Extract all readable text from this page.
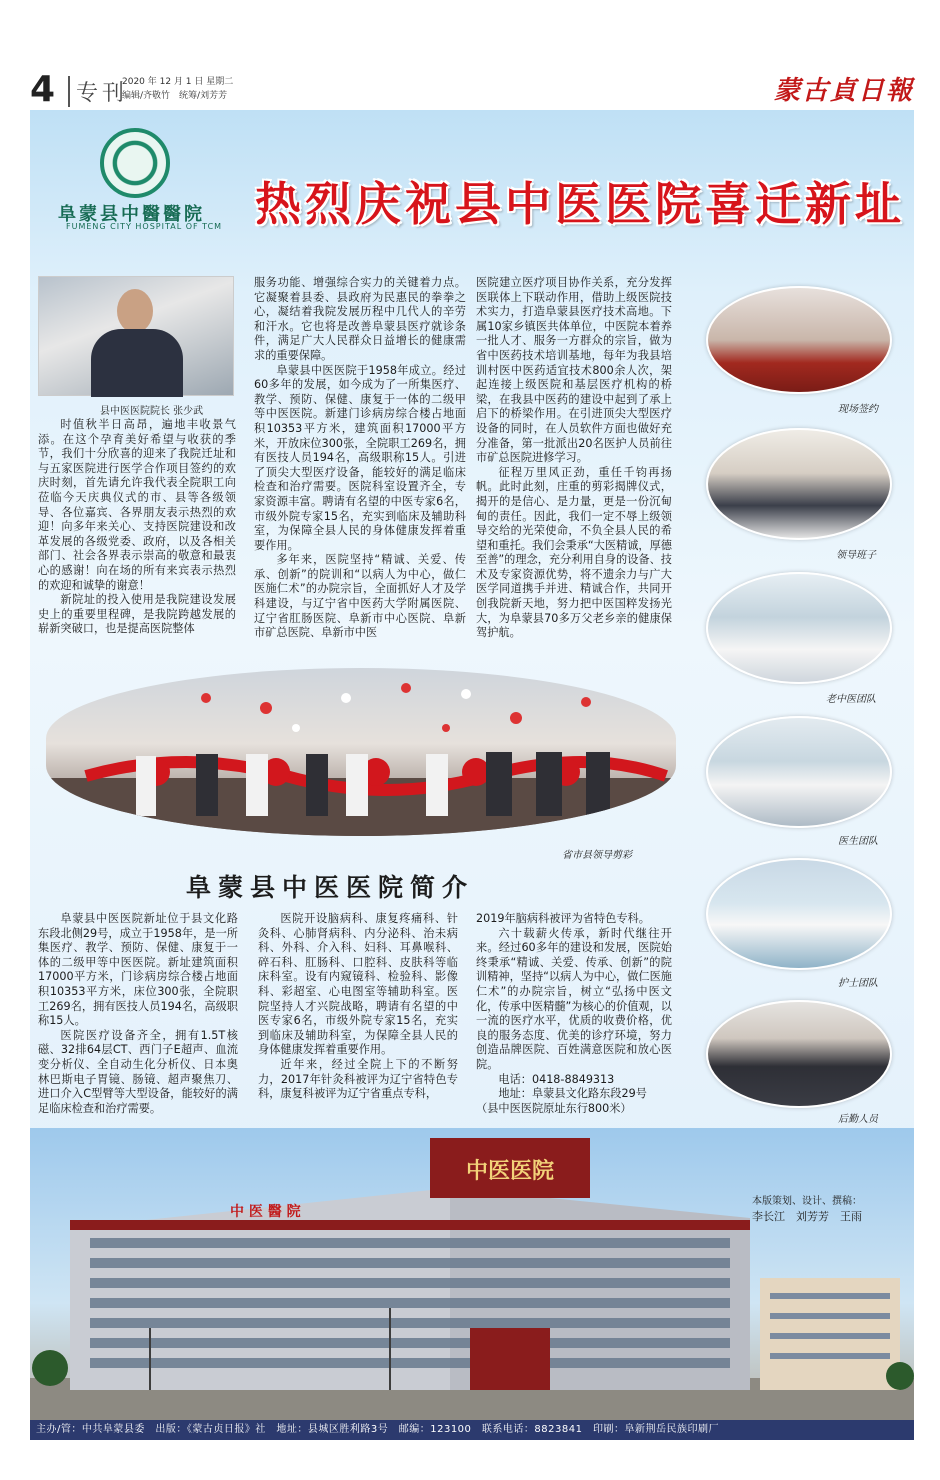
4 专刊
2020 年 12 月 1 日 星期二
编辑/齐敬竹　统筹/刘芳芳	蒙古貞日報
阜蒙县中醫醫院
FUMENG CITY HOSPITAL OF TCM 热烈庆祝县中医医院喜迁新址
县中医医院院长 张少武

时值秋半日高昂，遍地丰收景气添。在这个孕育美好希望与收获的季节，我们十分欣喜的迎来了我院迁址和与五家医院进行医学合作项目签约的欢庆时刻，首先请允许我代表全院职工向莅临今天庆典仪式的市、县等各级领导、各位嘉宾、各界朋友表示热烈的欢迎！向多年来关心、支持医院建设和改革发展的各级党委、政府，以及各相关部门、社会各界表示崇高的敬意和最衷心的感谢！向在场的所有来宾表示热烈的欢迎和诚挚的谢意！

新院址的投入使用是我院建设发展史上的重要里程碑，是我院跨越发展的崭新突破口，也是提高医院整体

服务功能、增强综合实力的关键着力点。它凝聚着县委、县政府为民惠民的拳拳之心，凝结着我院发展历程中几代人的辛劳和汗水。它也将是改善阜蒙县医疗就诊条件，满足广大人民群众日益增长的健康需求的重要保障。

阜蒙县中医医院于1958年成立。经过60多年的发展，如今成为了一所集医疗、教学、预防、保健、康复于一体的二级甲等中医医院。新建门诊病房综合楼占地面积10353平方米，建筑面积17000平方米，开放床位300张，全院职工269名，拥有医技人员194名，高级职称15人。引进了顶尖大型医疗设备，能较好的满足临床检查和治疗需要。医院科室设置齐全，专家资源丰富。聘请有名望的中医专家6名，市级外院专家15名，充实到临床及辅助科室，为保障全县人民的身体健康发挥着重要作用。

多年来，医院坚持“精诚、关爱、传承、创新”的院训和“以病人为中心，做仁医施仁术”的办院宗旨，全面抓好人才及学科建设，与辽宁省中医药大学附属医院、辽宁省肛肠医院、阜新市中心医院、阜新市矿总医院、阜新市中医

医院建立医疗项目协作关系，充分发挥医联体上下联动作用，借助上级医院技术实力，打造阜蒙县医疗技术高地。下属10家乡镇医共体单位，中医院本着养一批人才、服务一方群众的宗旨，做为省中医药技术培训基地，每年为我县培训村医中医药适宜技术800余人次，架起连接上级医院和基层医疗机构的桥梁，在我县中医药的建设中起到了承上启下的桥梁作用。在引进顶尖大型医疗设备的同时，在人员软件方面也做好充分准备，第一批派出20名医护人员前往市矿总医院进修学习。

征程万里风正劲，重任千钧再扬帆。此时此刻，庄重的剪彩揭牌仪式，揭开的是信心、是力量，更是一份沉甸甸的责任。因此，我们一定不辱上级领导交给的光荣使命，不负全县人民的希望和重托。我们会秉承“大医精诚，厚德至善”的理念，充分利用自身的设备、技术及专家资源优势，将不遗余力与广大医学同道携手并进、精诚合作，共同开创我院新天地，努力把中医国粹发扬光大，为阜蒙县70多万父老乡亲的健康保驾护航。

现场签约
领导班子
老中医团队
医生团队
护士团队
后勤人员
省市县领导剪彩
阜蒙县中医医院简介

阜蒙县中医医院新址位于县文化路东段北侧29号，成立于1958年，是一所集医疗、教学、预防、保健、康复于一体的二级甲等中医医院。新址建筑面积17000平方米，门诊病房综合楼占地面积10353平方米，床位300张，全院职工269名，拥有医技人员194名，高级职称15人。

医院医疗设备齐全，拥有1.5T核磁、32排64层CT、西门子E超声、血流变分析仪、全自动生化分析仪、日本奥林巴斯电子胃镜、肠镜、超声聚焦刀、进口介入C型臂等大型设备，能较好的满足临床检查和治疗需要。

医院开设脑病科、康复疼痛科、针灸科、心肺肾病科、内分泌科、治未病科、外科、介入科、妇科、耳鼻喉科、碎石科、肛肠科、口腔科、皮肤科等临床科室。设有内窥镜科、检验科、影像科、彩超室、心电图室等辅助科室。医院坚持人才兴院战略，聘请有名望的中医专家6名，市级外院专家15名，充实到临床及辅助科室，为保障全县人民的身体健康发挥着重要作用。

近年来，经过全院上下的不断努力，2017年针灸科被评为辽宁省特色专科，康复科被评为辽宁省重点专科，

2019年脑病科被评为省特色专科。

六十载薪火传承，新时代继往开来。经过60多年的建设和发展，医院始终秉承“精诚、关爱、传承、创新”的院训精神，坚持“以病人为中心，做仁医施仁术”的办院宗旨，树立“弘扬中医文化，传承中医精髓”为核心的价值观，以一流的医疗水平，优质的收费价格，优良的服务态度、优美的诊疗环境，努力创造品牌医院、百姓满意医院和放心医院。

电话：0418-8849313

地址：阜蒙县文化路东段29号

（县中医医院原址东行800米）

中医医院
中 医 醫 院
本版策划、设计、撰稿：
李长江　刘芳芳　王雨
主办/管：中共阜蒙县委　出版：《蒙古贞日报》社　地址：县城区胜利路3号　邮编：123100　联系电话：8823841　印刷：阜新荆岳民族印刷厂
